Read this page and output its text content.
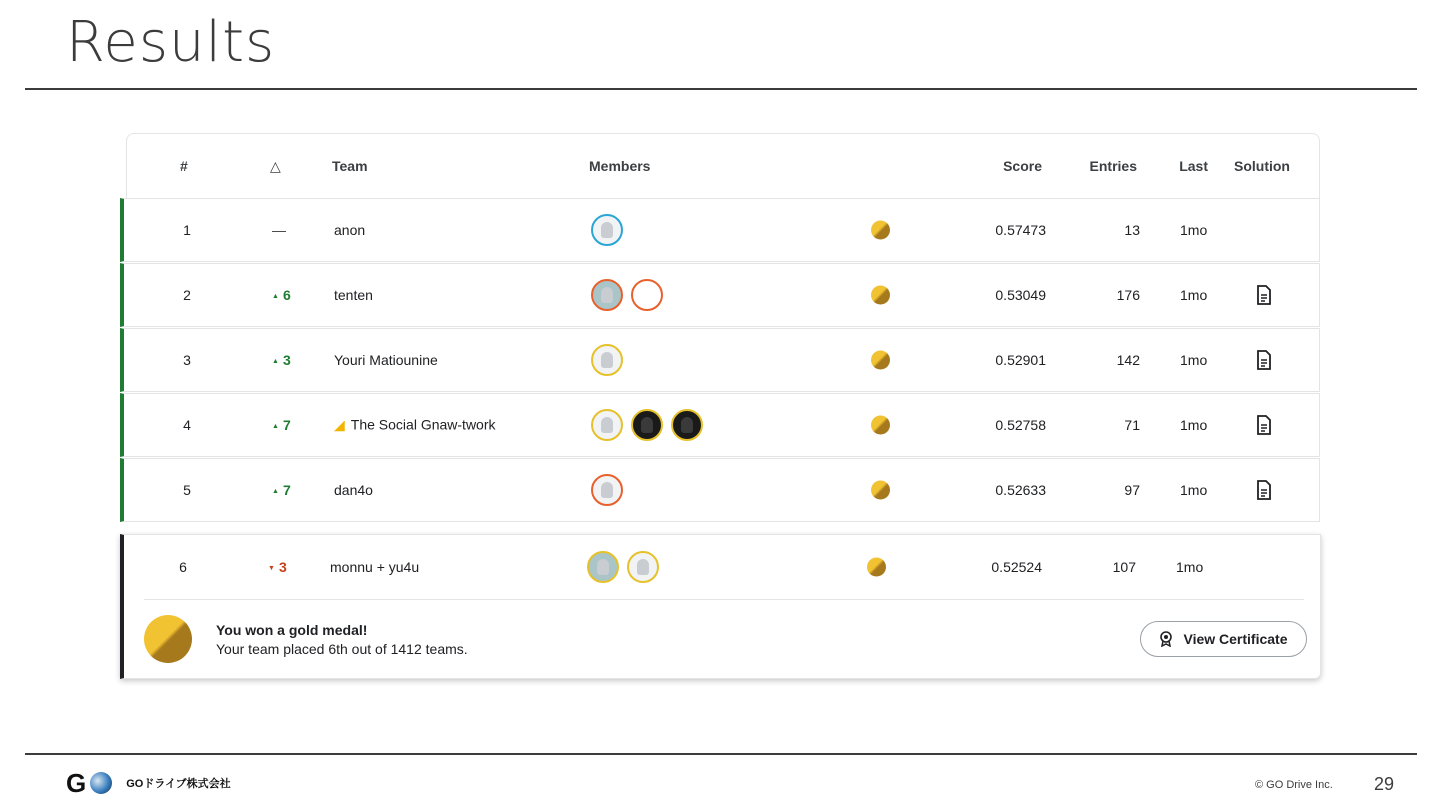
Results
#	△	Team	Members	Score	Entries	Last Solution
1	—	anon	0.57473	13	1mo
2	▲ 6	tenten	0.53049	176	1mo
3	▲ 3	Youri Matiounine	0.52901	142	1mo
4	▲ 7	◢ The Social Gnaw-twork	0.52758	71	1mo
5	▲ 7	dan4o	0.52633	97	1mo
6	▼ 3	monnu + yu4u	0.52524	107	1mo
You won a gold medal!
Your team placed 6th out of 1412 teams.
View Certificate
G	GOドライブ株式会社	© GO Drive Inc. 29
